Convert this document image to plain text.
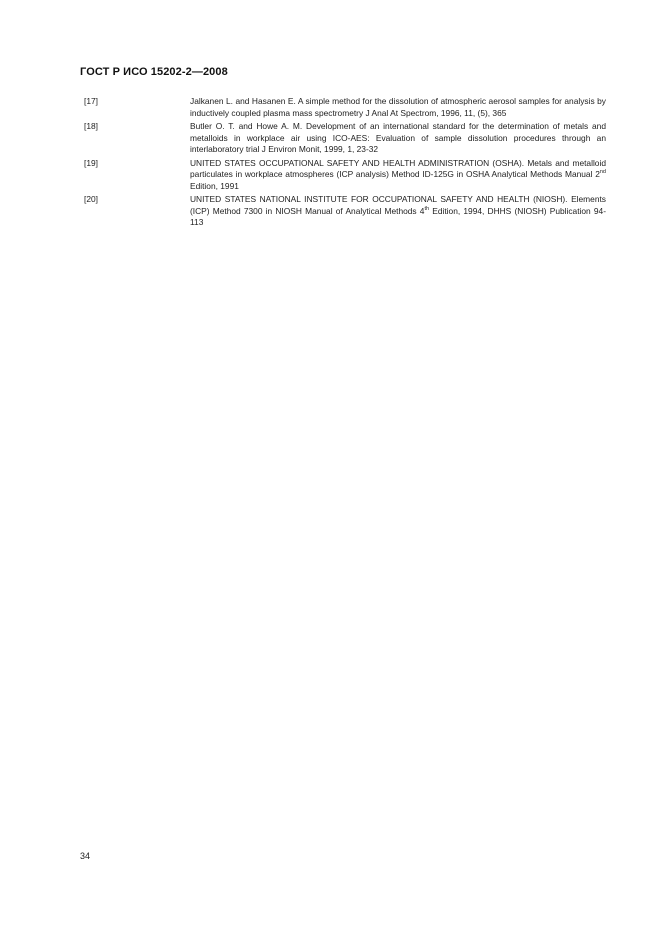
ГОСТ Р ИСО 15202-2—2008
[17]	Jalkanen L. and Hasanen E. A simple method for the dissolution of atmospheric aerosol samples for analysis by inductively coupled plasma mass spectrometry J Anal At Spectrom, 1996, 11, (5), 365
[18]	Butler O. T. and Howe A. M. Development of an international standard for the determination of metals and metalloids in workplace air using ICO-AES: Evaluation of sample dissolution procedures through an interlaboratory trial J Environ Monit, 1999, 1, 23-32
[19]	UNITED STATES OCCUPATIONAL SAFETY AND HEALTH ADMINISTRATION (OSHA). Metals and metalloid particulates in workplace atmospheres (ICP analysis) Method ID-125G in OSHA Analytical Methods Manual 2nd Edition, 1991
[20]	UNITED STATES NATIONAL INSTITUTE FOR OCCUPATIONAL SAFETY AND HEALTH (NIOSH). Elements (ICP) Method 7300 in NIOSH Manual of Analytical Methods 4th Edition, 1994, DHHS (NIOSH) Publication 94-113
34
